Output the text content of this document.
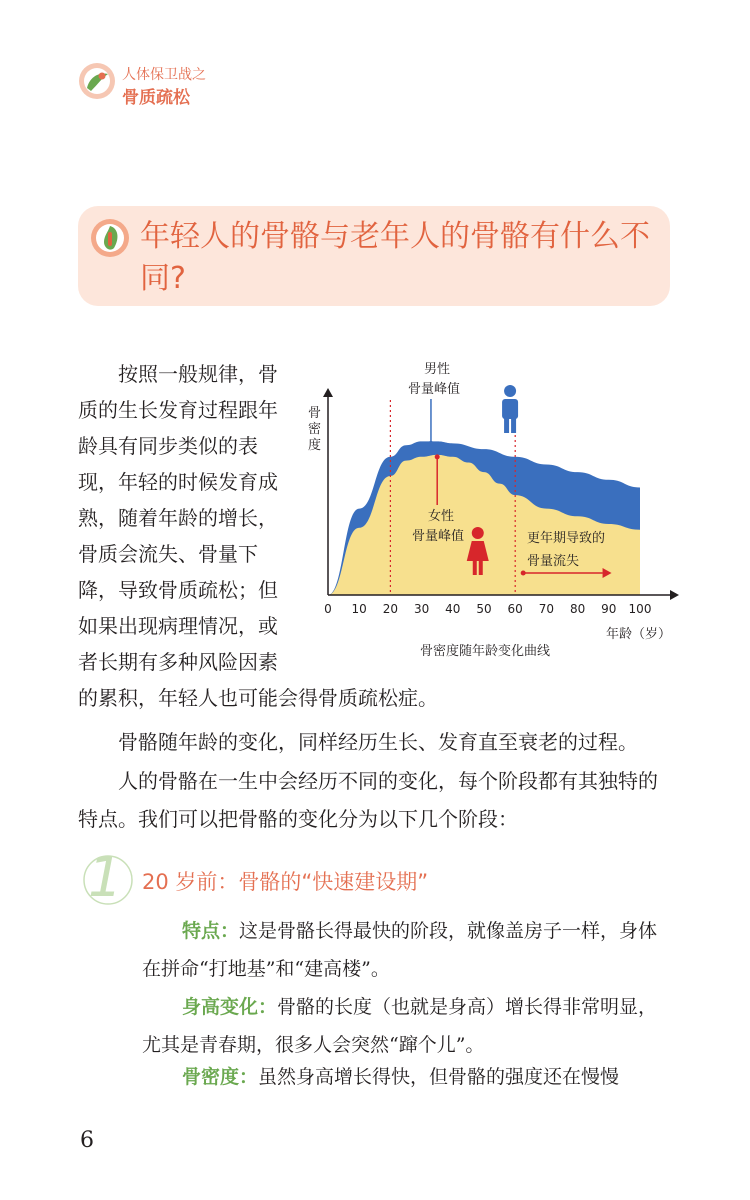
人体保卫战之
骨质疏松
年轻人的骨骼与老年人的骨骼有什么不同?
按照一般规律，骨
质的生长发育过程跟年
龄具有同步类似的表
现，年轻的时候发育成
熟，随着年龄的增长，
骨质会流失、骨量下
降，导致骨质疏松；但
如果出现病理情况，或
者长期有多种风险因素
的累积，年轻人也可能会得骨质疏松症。
0 10 20 30 40 50 60 70 80 90 100
骨密度
年龄（岁）
骨密度随年龄变化曲线
男性 骨量峰值
女性 骨量峰值	更年期导致的 骨量流失
骨骼随年龄的变化，同样经历生长、发育直至衰老的过程。
人的骨骼在一生中会经历不同的变化，每个阶段都有其独特的特点。我们可以把骨骼的变化分为以下几个阶段：
1 20 岁前：骨骼的“快速建设期”
特点：这是骨骼长得最快的阶段，就像盖房子一样，身体在拼命“打地基”和“建高楼”。
身高变化：骨骼的长度（也就是身高）增长得非常明显，尤其是青春期，很多人会突然“蹿个儿”。
骨密度：虽然身高增长得快，但骨骼的强度还在慢慢
6
